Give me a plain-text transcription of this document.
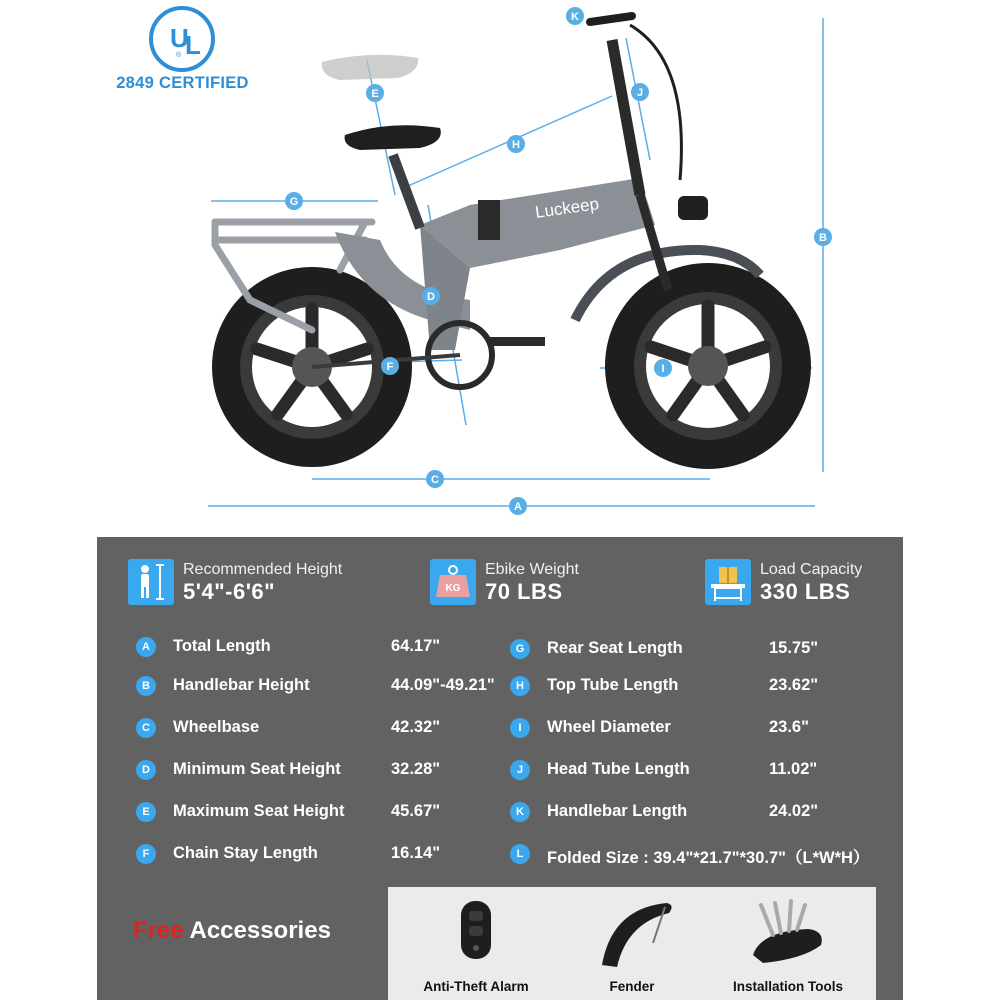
U
L
®
2849 CERTIFIED
Luckeep
A
B
C
D
E
F
G
H
I
J
K
Recommended Height
5'4"-6'6"	KG
Ebike Weight
70 LBS
Load Capacity
330 LBS
A	Total Length	64.17"
B	Handlebar Height	44.09"-49.21"
C	Wheelbase	42.32"
D	Minimum Seat Height	32.28"
E	Maximum Seat Height	45.67"
F	Chain Stay Length	16.14"
G	Rear Seat Length	15.75"
H	Top Tube Length	23.62"
I	Wheel Diameter	23.6"
J	Head Tube Length	11.02"
K	Handlebar Length	24.02"
L	Folded Size : 39.4"*21.7"*30.7"（L*W*H）
Free Accessories
Anti-Theft Alarm	Fender	Installation Tools
